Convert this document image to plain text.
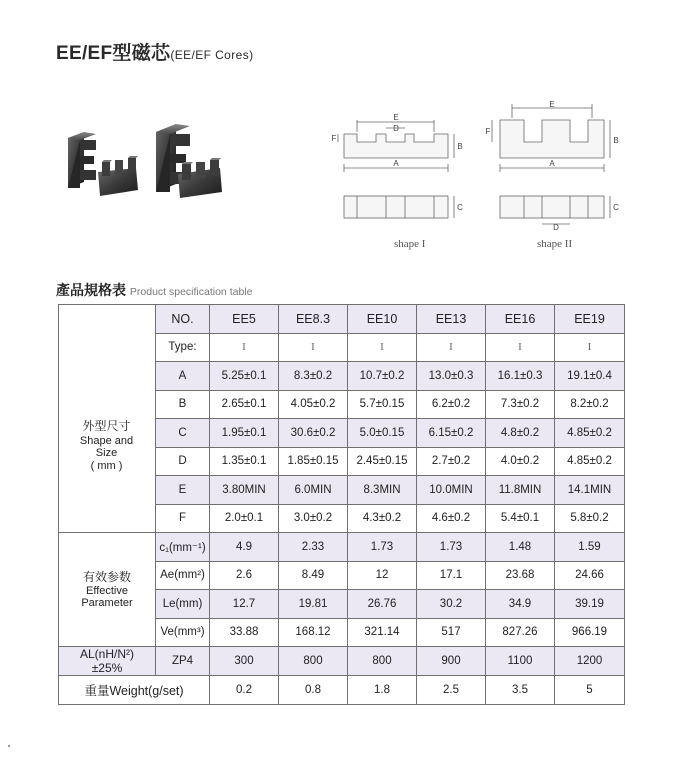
EE/EF型磁芯(EE/EF Cores)
A
E
D
F
B
C
A
E
F
B
D
C
shape I	shape II
產品規格表 Product specification table
	NO.	EE5	EE8.3	EE10	EE13	EE16	EE19
	Type:	I	I	I	I	I	I
	A	5.25±0.1	8.3±0.2	10.7±0.2	13.0±0.3	16.1±0.3	19.1±0.4
	B	2.65±0.1	4.05±0.2	5.7±0.15	6.2±0.2	7.3±0.2	8.2±0.2
	C	1.95±0.1	30.6±0.2	5.0±0.15	6.15±0.2	4.8±0.2	4.85±0.2
	D	1.35±0.1	1.85±0.15	2.45±0.15	2.7±0.2	4.0±0.2	4.85±0.2
	E	3.80MIN	6.0MIN	8.3MIN	10.0MIN	11.8MIN	14.1MIN
	F	2.0±0.1	3.0±0.2	4.3±0.2	4.6±0.2	5.4±0.1	5.8±0.2

有效参数
Effective
Parameter	c₁(mm⁻¹)	4.9	2.33	1.73	1.73	1.48	1.59
	Ae(mm²)	2.6	8.49	12	17.1	23.68	24.66
	Le(mm)	12.7	19.81	26.76	30.2	34.9	39.19
	Ve(mm³)	33.88	168.12	321.14	517	827.26	966.19

AL(nH/N²)
±25%	ZP4	300	800	800	900	1100	1200
重量Weight(g/set)		0.2	0.8	1.8	2.5	3.5	5
外型尺寸
Shape and
Size
( mm )
